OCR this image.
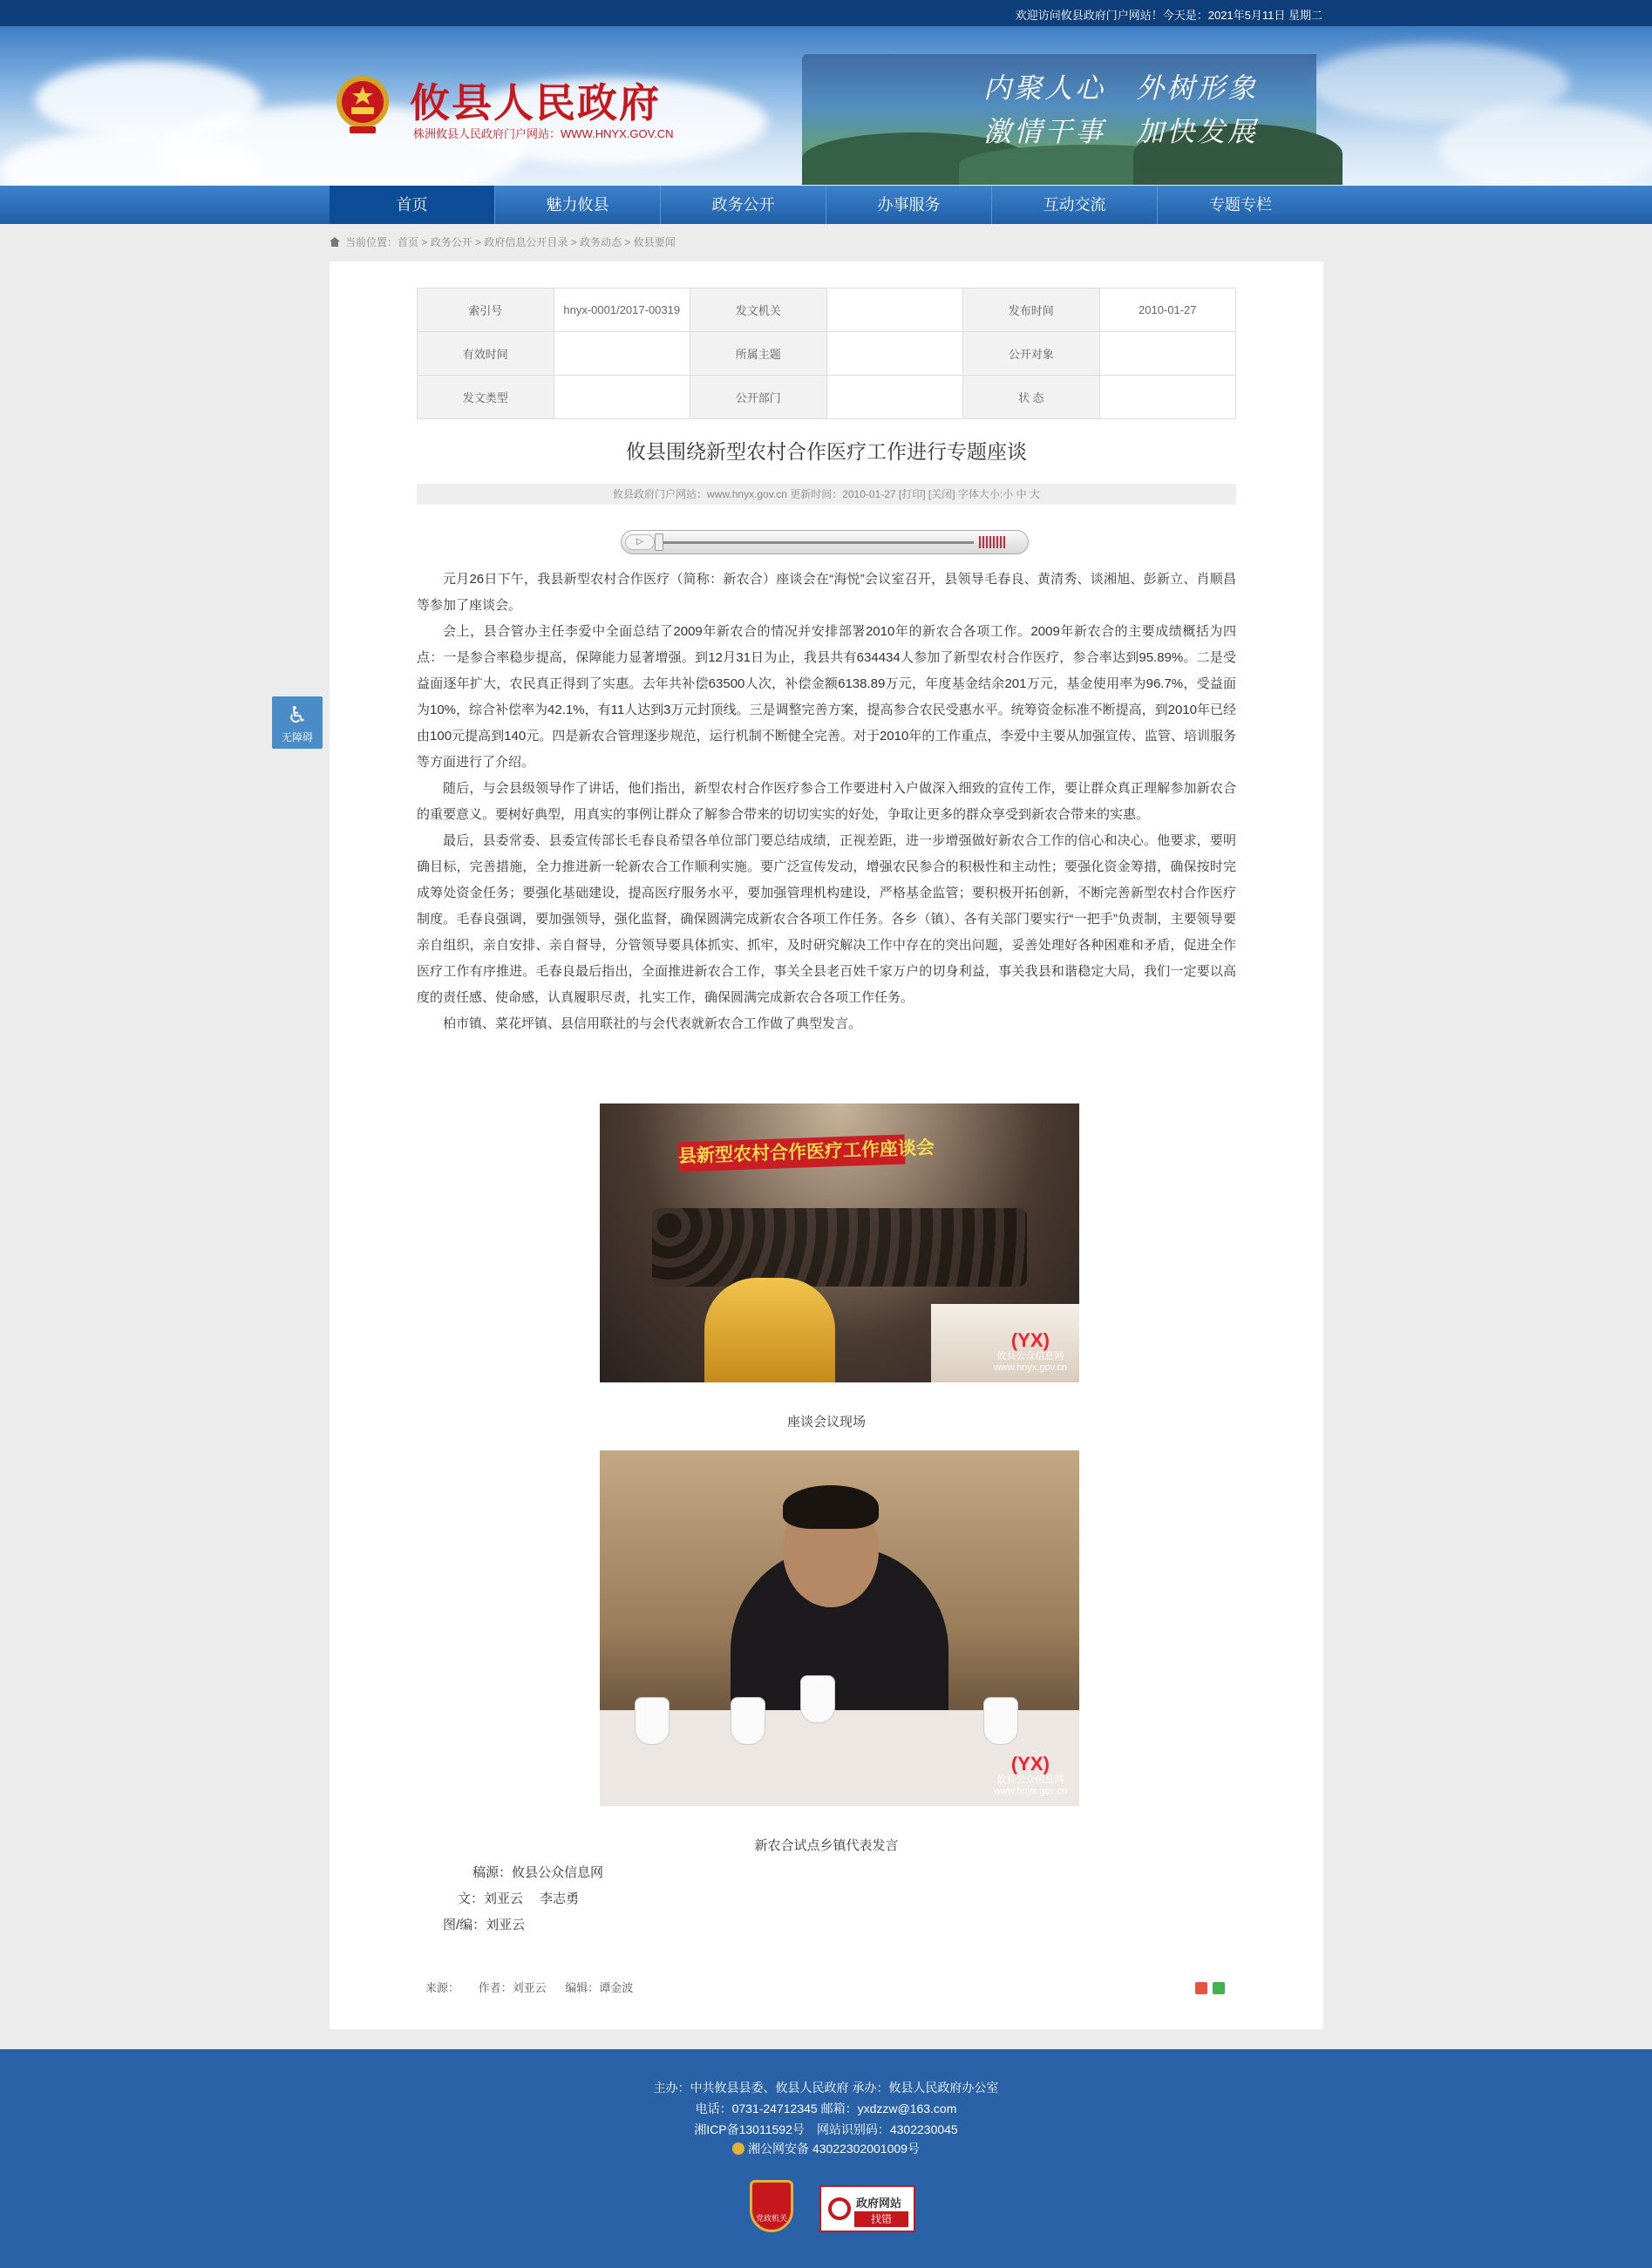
欢迎访问攸县政府门户网站！今天是：2021年5月11日 星期二
内聚人心　外树形象
激情干事　加快发展
攸县人民政府
株洲攸县人民政府门户网站：WWW.HNYX.GOV.CN
首页	魅力攸县	政务公开	办事服务	互动交流	专题专栏
当前位置：首页 > 政务公开 > 政府信息公开目录 > 政务动态 > 攸县要闻
♿
无障碍
索引号	hnyx-0001/2017-00319	发文机关		发布时间	2010-01-27
有效时间		所属主题		公开对象	
发文类型		公开部门		状 态	
攸县围绕新型农村合作医疗工作进行专题座谈
攸县政府门户网站：www.hnyx.gov.cn 更新时间：2010-01-27 [打印] [关闭] 字体大小:小 中 大
▷

元月26日下午，我县新型农村合作医疗（简称：新农合）座谈会在“海悦”会议室召开，县领导毛春良、黄清秀、谈湘旭、彭新立、肖顺昌等参加了座谈会。

会上，县合管办主任李爱中全面总结了2009年新农合的情况并安排部署2010年的新农合各项工作。2009年新农合的主要成绩概括为四点：一是参合率稳步提高，保障能力显著增强。到12月31日为止，我县共有634434人参加了新型农村合作医疗，参合率达到95.89%。二是受益面逐年扩大，农民真正得到了实惠。去年共补偿63500人次，补偿金额6138.89万元，年度基金结余201万元，基金使用率为96.7%，受益面为10%，综合补偿率为42.1%，有11人达到3万元封顶线。三是调整完善方案，提高参合农民受惠水平。统筹资金标准不断提高，到2010年已经由100元提高到140元。四是新农合管理逐步规范，运行机制不断健全完善。对于2010年的工作重点，李爱中主要从加强宣传、监管、培训服务等方面进行了介绍。

随后，与会县级领导作了讲话，他们指出，新型农村合作医疗参合工作要进村入户做深入细致的宣传工作，要让群众真正理解参加新农合的重要意义。要树好典型，用真实的事例让群众了解参合带来的切切实实的好处，争取让更多的群众享受到新农合带来的实惠。

最后，县委常委、县委宣传部长毛春良希望各单位部门要总结成绩，正视差距，进一步增强做好新农合工作的信心和决心。他要求，要明确目标，完善措施，全力推进新一轮新农合工作顺利实施。要广泛宣传发动，增强农民参合的积极性和主动性；要强化资金筹措，确保按时完成筹处资金任务；要强化基础建设，提高医疗服务水平，要加强管理机构建设，严格基金监管；要积极开拓创新，不断完善新型农村合作医疗制度。毛春良强调，要加强领导，强化监督，确保圆满完成新农合各项工作任务。各乡（镇）、各有关部门要实行“一把手”负责制，主要领导要亲自组织，亲自安排、亲自督导，分管领导要具体抓实、抓牢，及时研究解决工作中存在的突出问题，妥善处理好各种困难和矛盾，促进全作医疗工作有序推进。毛春良最后指出，全面推进新农合工作，事关全县老百姓千家万户的切身利益，事关我县和谐稳定大局，我们一定要以高度的责任感、使命感，认真履职尽责，扎实工作，确保圆满完成新农合各项工作任务。

柏市镇、菜花坪镇、县信用联社的与会代表就新农合工作做了典型发言。

县新型农村合作医疗工作座谈会
(YX)
攸县公众信息网
www.hnyx.gov.cn
座谈会议现场
(YX)
攸县公众信息网
www.hnyx.gov.cn
新农合试点乡镇代表发言
稿源：攸县公众信息网
文：刘亚云　 李志勇
图/编：刘亚云
来源： 作者：刘亚云 编辑：谭金波
主办：中共攸县县委、攸县人民政府 承办：攸县人民政府办公室
电话：0731-24712345 邮箱：yxdzzw@163.com
湘ICP备13011592号　网站识别码：4302230045
湘公网安备 43022302001009号
党政机关
政府网站
找错
